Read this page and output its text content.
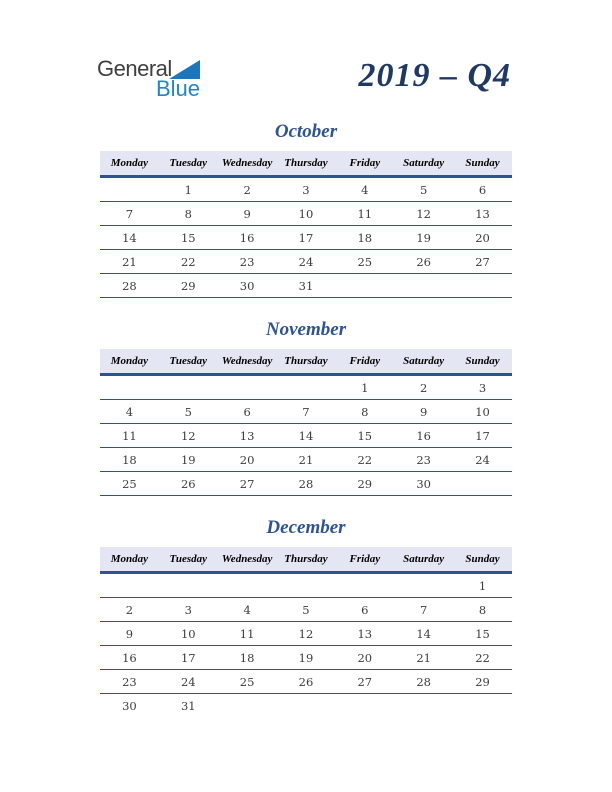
General
Blue	2019 – Q4
October
Monday	Tuesday	Wednesday	Thursday	Friday	Saturday	Sunday
	1	2	3	4	5	6
7	8	9	10	11	12	13
14	15	16	17	18	19	20
21	22	23	24	25	26	27
28	29	30	31			
November
Monday	Tuesday	Wednesday	Thursday	Friday	Saturday	Sunday
				1	2	3
4	5	6	7	8	9	10
11	12	13	14	15	16	17
18	19	20	21	22	23	24
25	26	27	28	29	30	
December
Monday	Tuesday	Wednesday	Thursday	Friday	Saturday	Sunday
						1
2	3	4	5	6	7	8
9	10	11	12	13	14	15
16	17	18	19	20	21	22
23	24	25	26	27	28	29
30	31					
